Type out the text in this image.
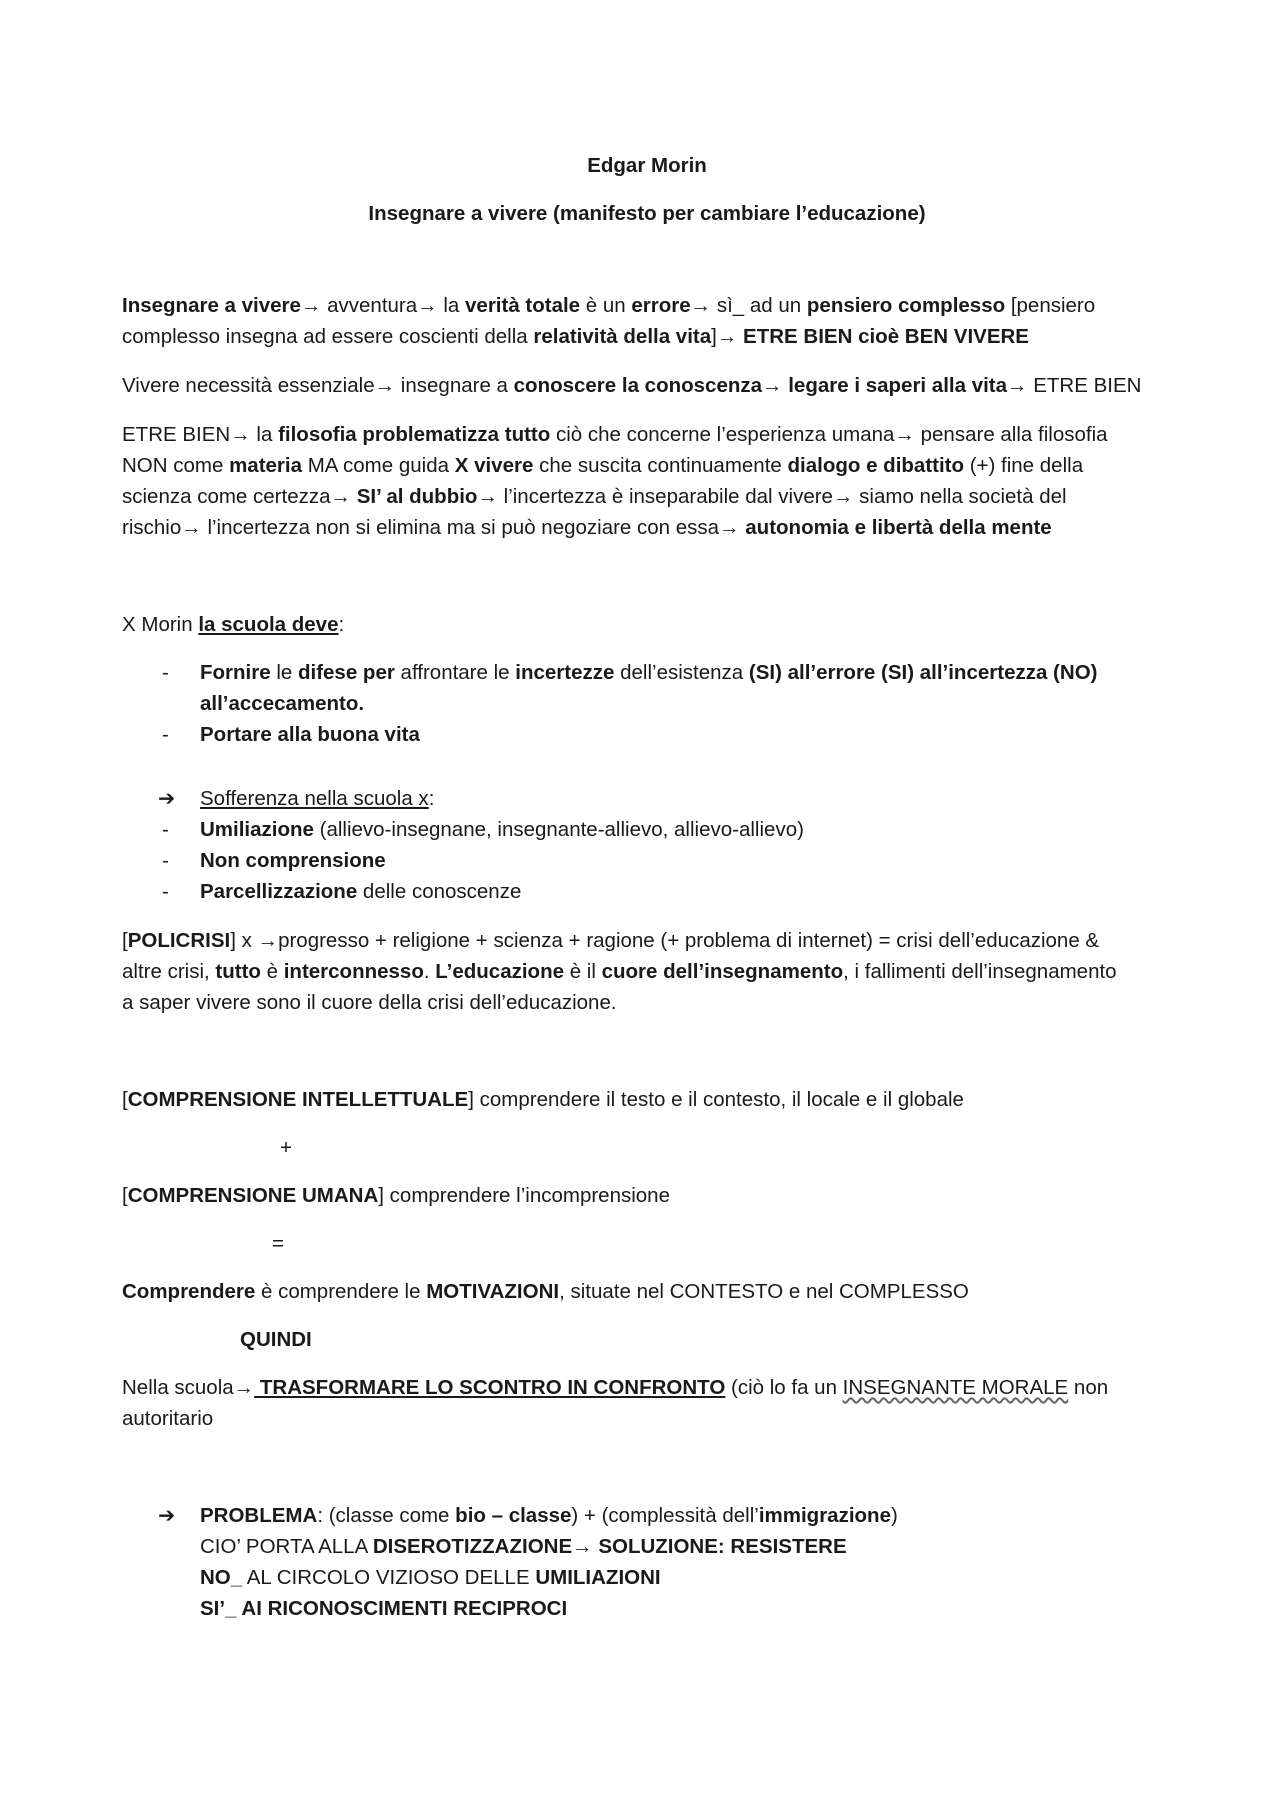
Edgar Morin

Insegnare a vivere (manifesto per cambiare l’educazione)

Insegnare a vivere→ avventura→ la verità totale è un errore→ sì_ ad un pensiero complesso [pensiero
complesso insegna ad essere coscienti della relatività della vita]→ ETRE BIEN cioè BEN VIVERE
Vivere necessità essenziale→ insegnare a conoscere la conoscenza→ legare i saperi alla vita→ ETRE BIEN
ETRE BIEN→ la filosofia problematizza tutto ciò che concerne l’esperienza umana→ pensare alla filosofia
NON come materia MA come guida X vivere che suscita continuamente dialogo e dibattito (+) fine della
scienza come certezza→ SI’ al dubbio→ l’incertezza è inseparabile dal vivere→ siamo nella società del
rischio→ l’incertezza non si elimina ma si può negoziare con essa→ autonomia e libertà della mente
X Morin la scuola deve:
- Fornire le difese per affrontare le incertezze dell’esistenza (SI) all’errore (SI) all’incertezza (NO)
all’accecamento.
- Portare alla buona vita
➔ Sofferenza nella scuola x:
- Umiliazione (allievo-insegnane, insegnante-allievo, allievo-allievo)
- Non comprensione
- Parcellizzazione delle conoscenze
[POLICRISI] x →progresso + religione + scienza + ragione (+ problema di internet) = crisi dell’educazione &
altre crisi, tutto è interconnesso. L’educazione è il cuore dell’insegnamento, i fallimenti dell’insegnamento
a saper vivere sono il cuore della crisi dell’educazione.
[COMPRENSIONE INTELLETTUALE] comprendere il testo e il contesto, il locale e il globale
+
[COMPRENSIONE UMANA] comprendere l’incomprensione
=
Comprendere è comprendere le MOTIVAZIONI, situate nel CONTESTO e nel COMPLESSO
QUINDI
Nella scuola→ TRASFORMARE LO SCONTRO IN CONFRONTO (ciò lo fa un INSEGNANTE MORALE non
autoritario
➔ PROBLEMA: (classe come bio – classe) + (complessità dell’immigrazione)
CIO’ PORTA ALLA DISEROTIZZAZIONE→ SOLUZIONE: RESISTERE
NO_ AL CIRCOLO VIZIOSO DELLE UMILIAZIONI
SI’_ AI RICONOSCIMENTI RECIPROCI
